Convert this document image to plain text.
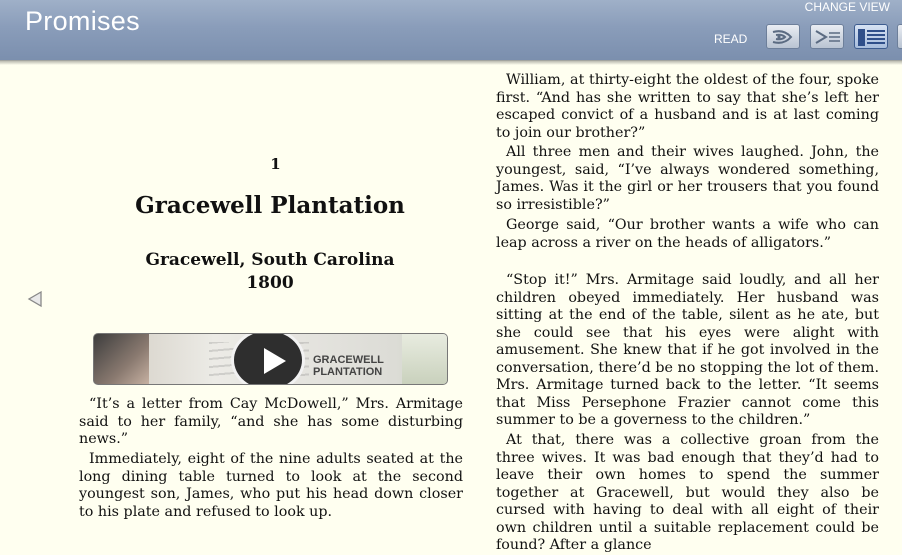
Promises	CHANGE VIEW
READ
1
Gracewell Plantation
Gracewell, South Carolina
1800
GRACEWELL PLANTATION

“It’s a letter from Cay McDowell,” Mrs. Armitage said to her family, “and she has some disturbing news.”

Immediately, eight of the nine adults seated at the long dining table turned to look at the second youngest son, James, who put his head down closer to his plate and refused to look up.

William, at thirty-eight the oldest of the four, spoke first. “And has she written to say that she’s left her escaped convict of a husband and is at last coming to join our brother?”

All three men and their wives laughed. John, the youngest, said, “I’ve always wondered something, James. Was it the girl or her trousers that you found so irresistible?”

George said, “Our brother wants a wife who can leap across a river on the heads of alligators.”

“Stop it!” Mrs. Armitage said loudly, and all her children obeyed immediately. Her husband was sitting at the end of the table, silent as he ate, but she could see that his eyes were alight with amusement. She knew that if he got involved in the conversation, there’d be no stopping the lot of them. Mrs. Armitage turned back to the letter. “It seems that Miss Persephone Frazier cannot come this summer to be a governess to the children.”

At that, there was a collective groan from the three wives. It was bad enough that they’d had to leave their own homes to spend the summer together at Gracewell, but would they also be cursed with having to deal with all eight of their own children until a suitable replacement could be found? After a glance
